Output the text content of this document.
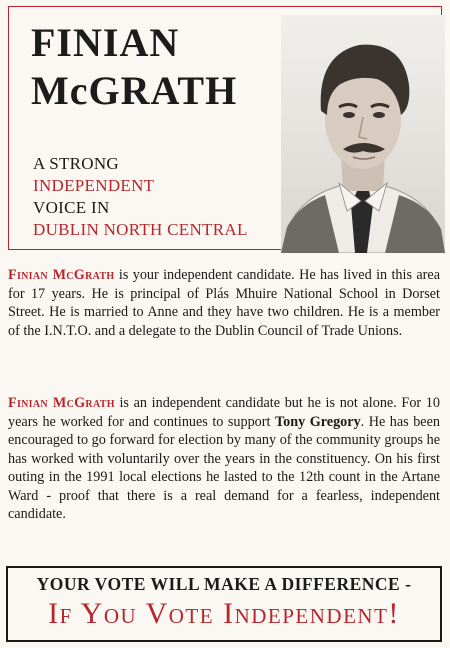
FINIAN
McGRATH
A STRONG
INDEPENDENT
VOICE IN
DUBLIN NORTH CENTRAL
Finian McGrath is your independent candidate. He has lived in this area for 17 years. He is principal of Plás Mhuire National School in Dorset Street. He is married to Anne and they have two children. He is a member of the I.N.T.O. and a delegate to the Dublin Council of Trade Unions.
Finian McGrath is an independent candidate but he is not alone. For 10 years he worked for and continues to support Tony Gregory. He has been encouraged to go forward for election by many of the community groups he has worked with voluntarily over the years in the constituency. On his first outing in the 1991 local elections he lasted to the 12th count in the Artane Ward - proof that there is a real demand for a fearless, independent candidate.
YOUR VOTE WILL MAKE A DIFFERENCE -
If You Vote Independent!
